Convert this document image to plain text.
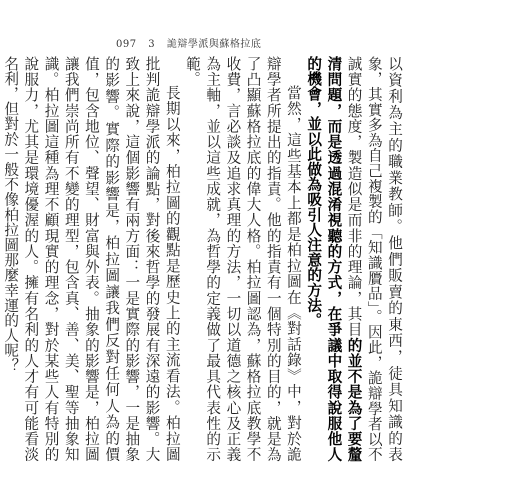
097 3 詭辯學派與蘇格拉底

以資利為主的職業教師。他們販賣的東西，徒具知識的表象，其實多為自己複製的「知識贗品」。因此，詭辯學者以不誠實的態度，製造似是而非的理論，其目的並不是為了要釐清問題，而是透過混淆視聽的方式，在爭議中取得說服他人的機會，並以此做為吸引人注意的方法。

當然，這些基本上都是柏拉圖在《對話錄》中，對於詭辯學者所提出的指責。他的指責有一個特別的目的，就是為了凸顯蘇格拉底的偉大人格。柏拉圖認為，蘇格拉底教學不收費，言必談及追求真理的方法，一切以道德之核心及正義為主軸，並以這些成就，為哲學的定義做了最具代表性的示範。

長期以來，柏拉圖的觀點是歷史上的主流看法。柏拉圖批判詭辯學派的論點，對後來哲學的發展有深遠的影響。大致上來說，這個影響有兩方面：一是實際的影響，一是抽象的影響。實際的影響是，柏拉圖讓我們反對任何人為的價值，包含地位、聲望、財富與外表。抽象的影響是，柏拉圖讓我們崇尚所有不變的理型，包含真、善、美、聖等抽象知識。柏拉圖這種為理不顧現實的理念，對於某些人有特別的說服力，尤其是環境優渥的人。擁有名利的人才有可能看淡名利，但對於一般不像柏拉圖那麼幸運的人呢？
